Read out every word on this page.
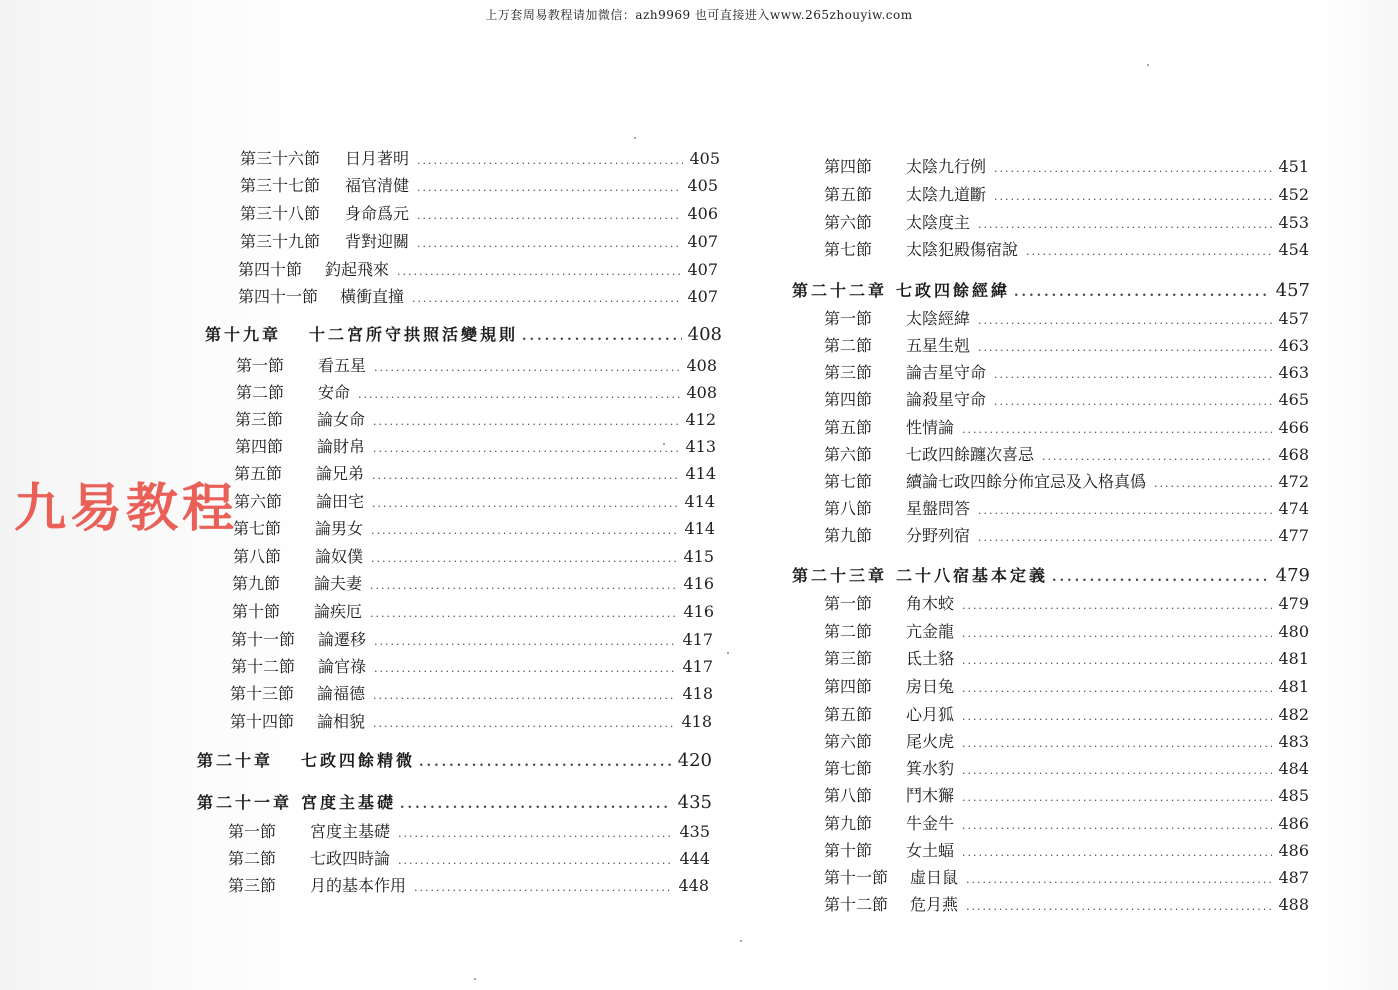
上万套周易教程请加微信：azh9969 也可直接进入www.265zhouyiw.com
第三十六節	日月著明 .....	405
第三十七節	福官清健 .....	405
第三十八節	身命爲元 .....	406
第三十九節	背對迎關 .....	407
第四十節	釣起飛來 .....	407
第四十一節	橫衝直撞 .....	407
第十九章	十二宮所守拱照活變規則 .....	408
第一節	看五星 .....	408
第二節	安命 .....	408
第三節	論女命 .....	412
第四節	論財帛 .....	413
第五節	論兄弟 .....	414
第六節	論田宅 .....	414
第七節	論男女 .....	414
第八節	論奴僕 .....	415
第九節	論夫妻 .....	416
第十節	論疾厄 .....	416
第十一節	論遷移 .....	417
第十二節	論官祿 .....	417
第十三節	論福德 .....	418
第十四節	論相貌 .....	418
第二十章	七政四餘精微 .....	420
第二十一章 宮度主基礎 .....	435
第一節	宮度主基礎 .....	435
第二節	七政四時論 .....	444
第三節	月的基本作用 .....	448
第四節	太陰九行例 .....	451
第五節	太陰九道斷 .....	452
第六節	太陰度主 .....	453
第七節	太陰犯殿傷宿說 .....	454
第二十二章 七政四餘經緯 .....	457
第一節	太陰經緯 .....	457
第二節	五星生剋 .....	463
第三節	論吉星守命 .....	463
第四節	論殺星守命 .....	465
第五節	性情論 .....	466
第六節	七政四餘躔次喜忌 .....	468
第七節	續論七政四餘分佈宜忌及入格真僞 .....	472
第八節	星盤問答 .....	474
第九節	分野列宿 .....	477
第二十三章 二十八宿基本定義 .....	479
第一節	角木蛟 .....	479
第二節	亢金龍 .....	480
第三節	氐土貉 .....	481
第四節	房日兔 .....	481
第五節	心月狐 .....	482
第六節	尾火虎 .....	483
第七節	箕水豹 .....	484
第八節	鬥木獬 .....	485
第九節	牛金牛 .....	486
第十節	女土蝠 .....	486
第十一節	虛日鼠 .....	487
第十二節	危月燕 .....	488
九易教程
